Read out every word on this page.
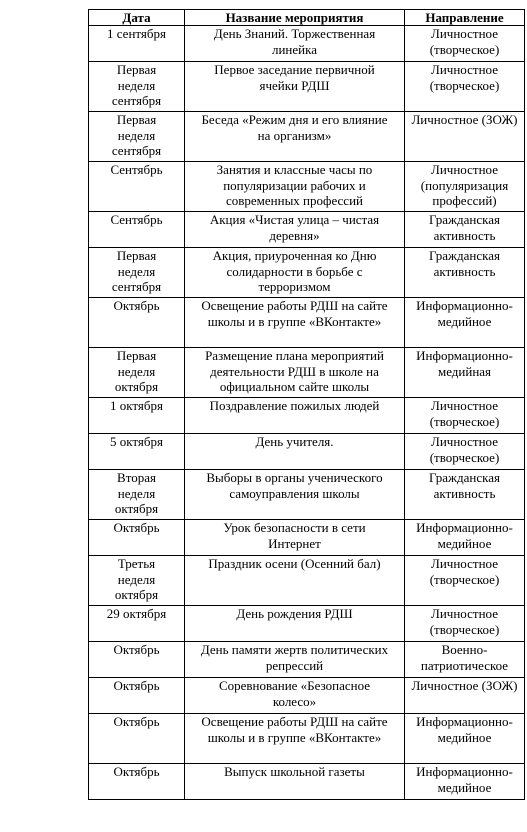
Дата	Название мероприятия	Направление

1 сентября	День Знаний. Торжественная линейка	Личностное (творческое)

Первая неделя сентября	Первое заседание первичной ячейки РДШ	Личностное (творческое)

Первая неделя сентября	Беседа «Режим дня и его влияние на организм»	Личностное (ЗОЖ)

Сентябрь	Занятия и классные часы по популяризации рабочих и современных профессий	Личностное (популяризация профессий)

Сентябрь	Акция «Чистая улица – чистая деревня»	Гражданская активность

Первая неделя сентября	Акция, приуроченная ко Дню солидарности в борьбе с терроризмом	Гражданская активность

Октябрь	Освещение работы РДШ на сайте школы и в группе «ВКонтакте»	Информационно-медийное

Первая неделя октября	Размещение плана мероприятий деятельности РДШ в школе на официальном сайте школы	Информационно-медийная

1 октября	Поздравление пожилых людей	Личностное (творческое)

5 октября	День учителя.	Личностное (творческое)

Вторая неделя октября	Выборы в органы ученического самоуправления школы	Гражданская активность

Октябрь	Урок безопасности в сети Интернет	Информационно-медийное

Третья неделя октября	Праздник осени (Осенний бал)	Личностное (творческое)

29 октября	День рождения РДШ	Личностное (творческое)

Октябрь	День памяти жертв политических репрессий	Военно-патриотическое

Октябрь	Соревнование «Безопасное колесо»	Личностное (ЗОЖ)

Октябрь	Освещение работы РДШ на сайте школы и в группе «ВКонтакте»	Информационно-медийное

Октябрь	Выпуск школьной газеты	Информационно-медийное
